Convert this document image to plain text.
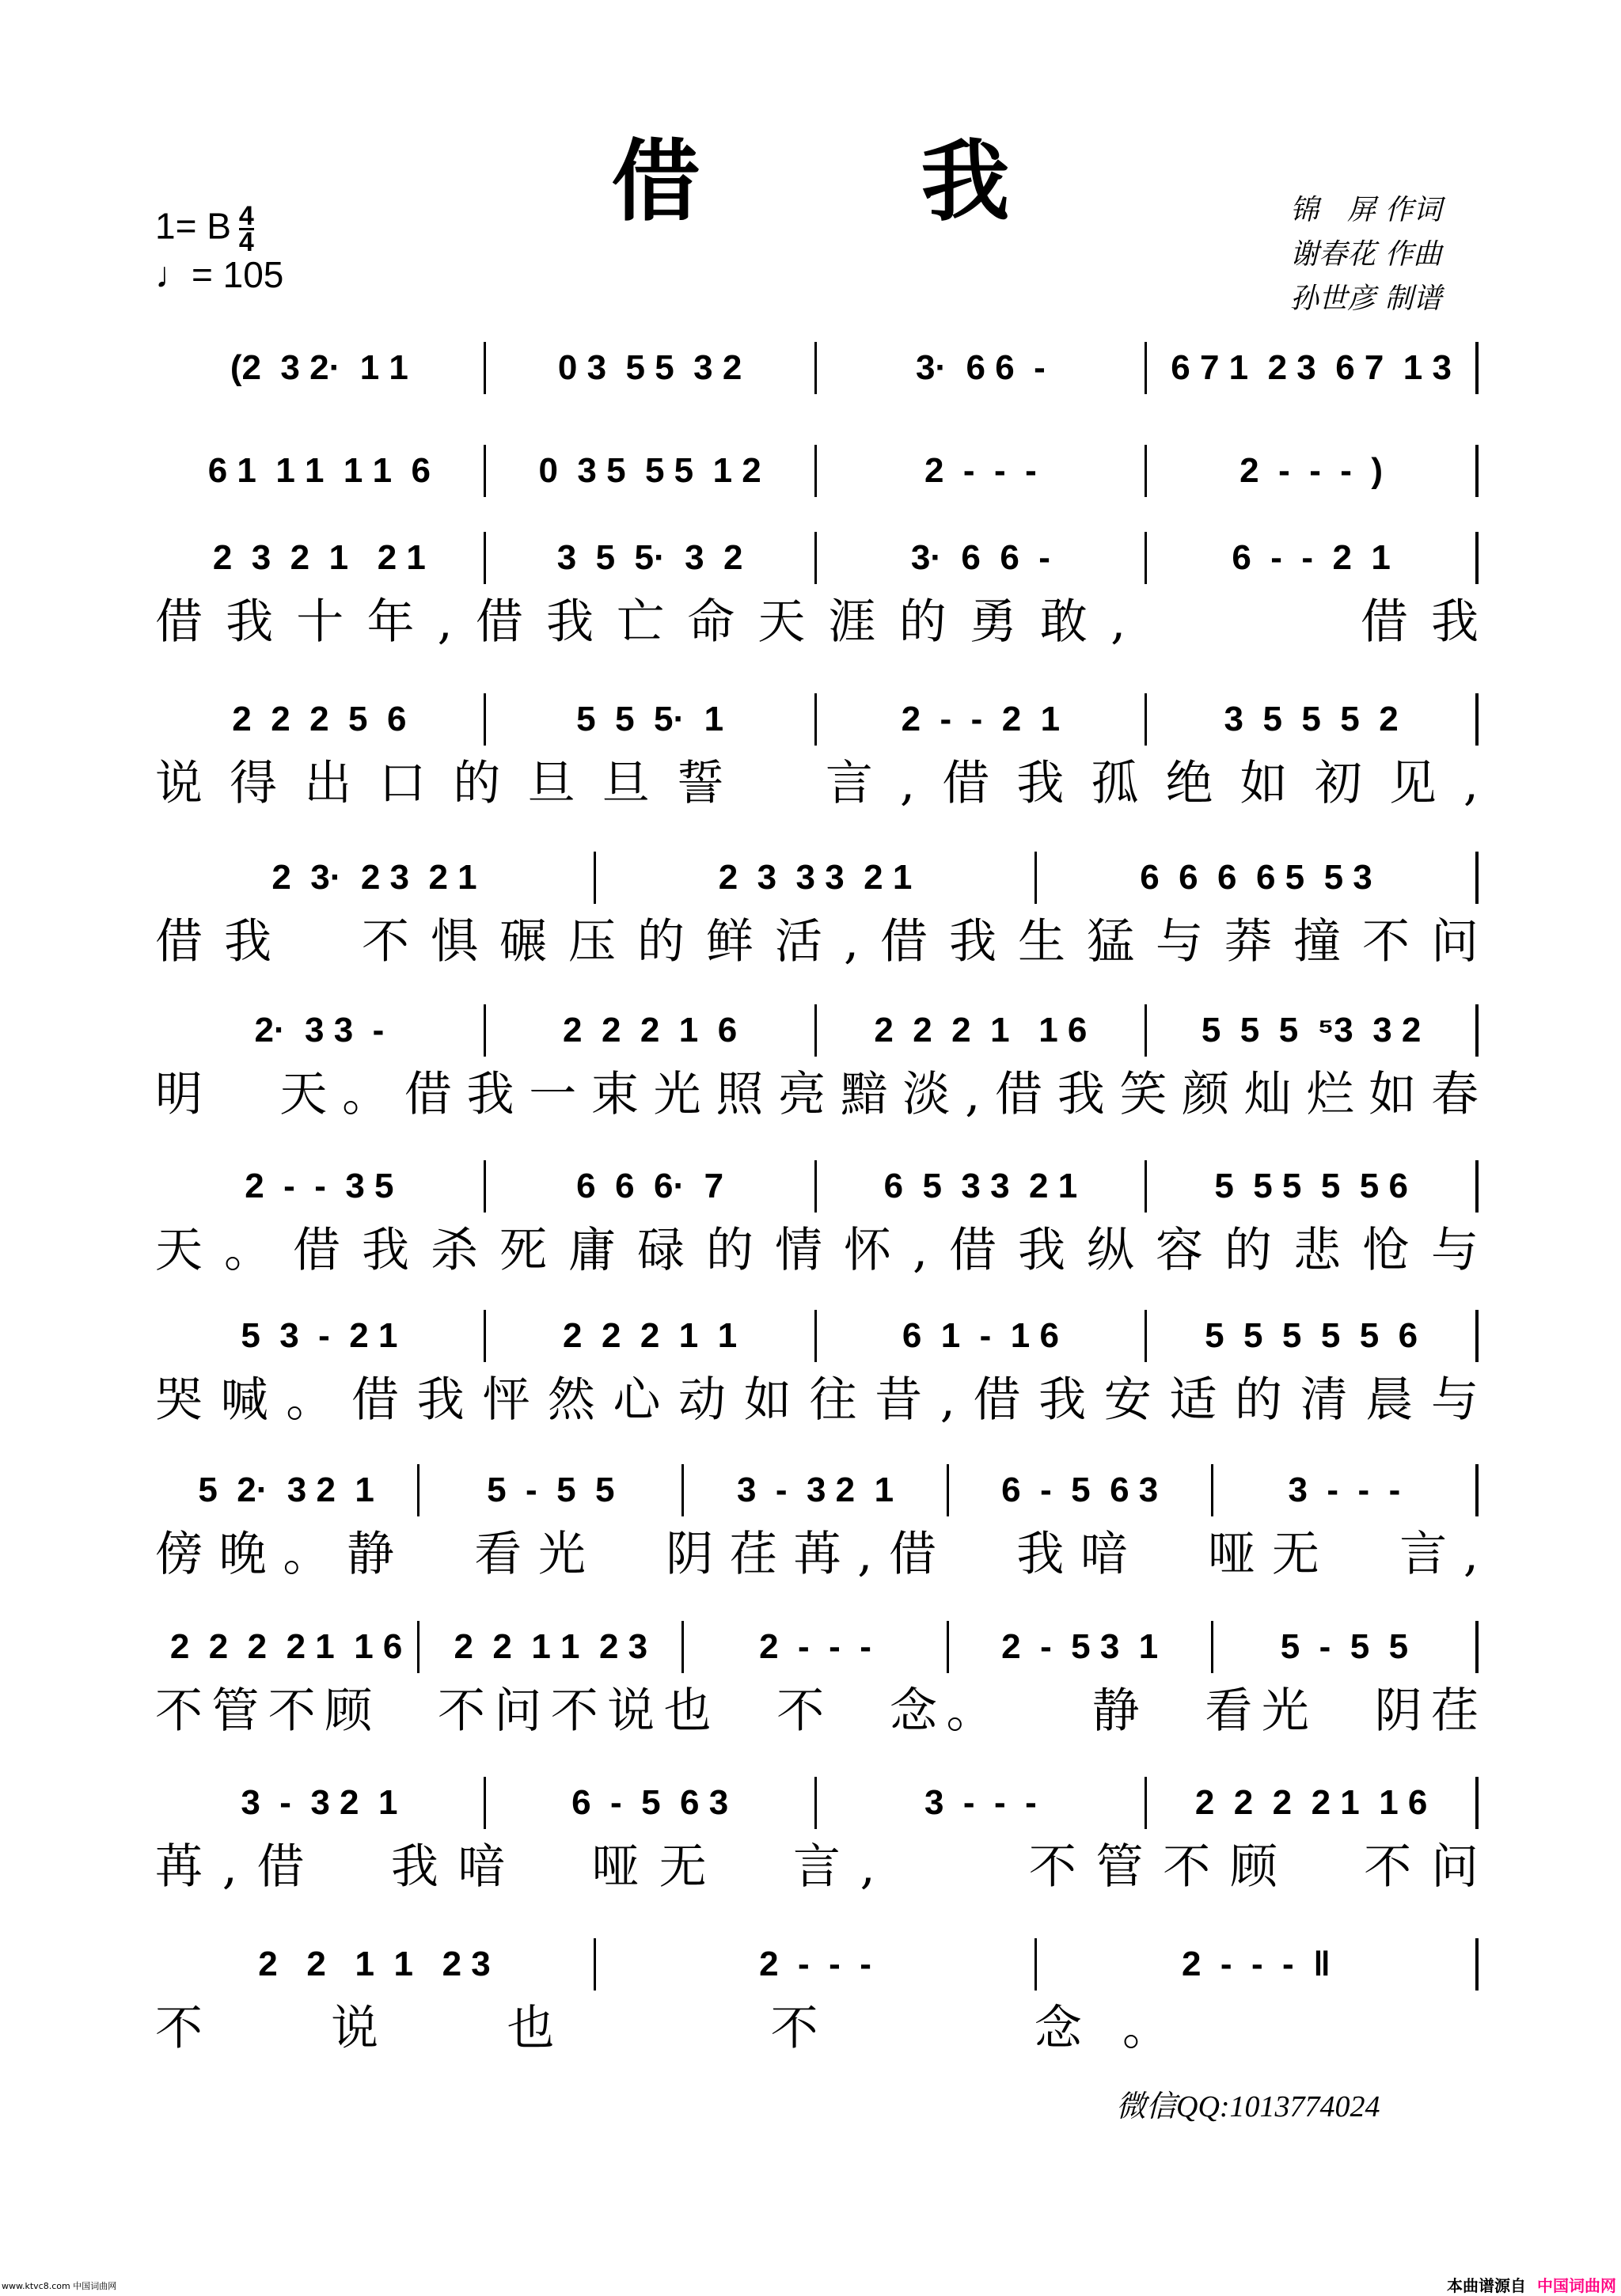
借 我
1= B $\frac{4}{4}$
♩= 105
锦　屏 作词
谢春花 作曲
孙世彦 制谱
(2  3 2·  1 1	0 3  5 5  3 2	3·  6 6  -	6 7 1  2 3  6 7  1 3
6 1  1 1  1 1  6	0  3 5  5 5  1 2	2  -  -  -	2  -  -  -  )
2  3  2  1   2 1	3  5  5·  3  2	3·  6  6  -	6  -  -  2  1
借我十年,借我亡命天涯的勇敢,　　　借我
2  2  2  5  6	5  5  5·  1	2  -  -  2  1	3  5  5  5  2
说得出口的旦旦誓　言,借我孤绝如初见,
2  3·  2 3  2 1	2  3  3 3  2 1	6  6  6  6 5  5 3
借我　不惧碾压的鲜活,借我生猛与莽撞不问
2·  3 3  -	2  2  2  1  6	2  2  2  1   1 6	5  5  5  ⁵3  3 2
明　天。借我一束光照亮黯淡,借我笑颜灿烂如春
2  -  -  3 5	6  6  6·  7	6  5  3 3  2 1	5  5 5  5  5 6
天。借我杀死庸碌的情怀,借我纵容的悲怆与
5  3  -  2 1	2  2  2  1  1	6  1  -  1 6	5  5  5  5  5  6
哭喊。借我怦然心动如往昔,借我安适的清晨与
5  2·  3 2  1	5  -  5  5	3  -  3 2  1	6  -  5  6 3	3  -  -  -
傍晚。静　看光　阴荏苒,借　我喑　哑无　言,
2  2  2  2 1  1 6	2  2  1 1  2 3	2  -  -  -	2  -  5 3  1	5  -  5  5
不管不顾　不问不说也　不　念。　　静　看光　阴荏
3  -  3 2  1	6  -  5  6 3	3  -  -  -	2  2  2  2 1  1 6
苒,借　我喑　哑无　言,　　不管不顾　不问
2   2   1  1   2 3	2  -  -  -	2  -  -  -  ‖
不　说　也　　不　　念。　　　　　　　
微信QQ:1013774024
www.ktvc8.com 中国词曲网	本曲谱源自 中国词曲网
